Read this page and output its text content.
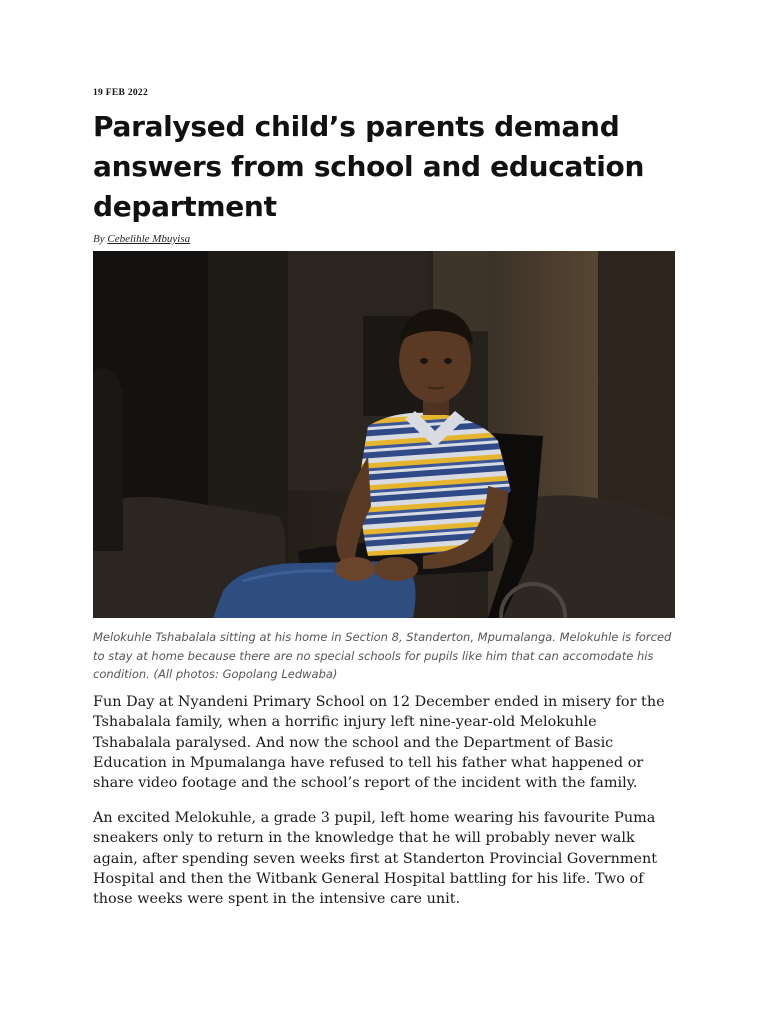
19 FEB 2022
Paralysed child’s parents demand answers from school and education department
By Cebelihle Mbuyisa

Melokuhle Tshabalala sitting at his home in Section 8, Standerton, Mpumalanga. Melokuhle is forced to stay at home because there are no special schools for pupils like him that can accomodate his condition. (All photos: Gopolang Ledwaba)

Fun Day at Nyandeni Primary School on 12 December ended in misery for the Tshabalala family, when a horrific injury left nine-year-old Melokuhle Tshabalala paralysed. And now the school and the Department of Basic Education in Mpumalanga have refused to tell his father what happened or share video footage and the school’s report of the incident with the family.

An excited Melokuhle, a grade 3 pupil, left home wearing his favourite Puma sneakers only to return in the knowledge that he will probably never walk again, after spending seven weeks first at Standerton Provincial Government Hospital and then the Witbank General Hospital battling for his life. Two of those weeks were spent in the intensive care unit.
